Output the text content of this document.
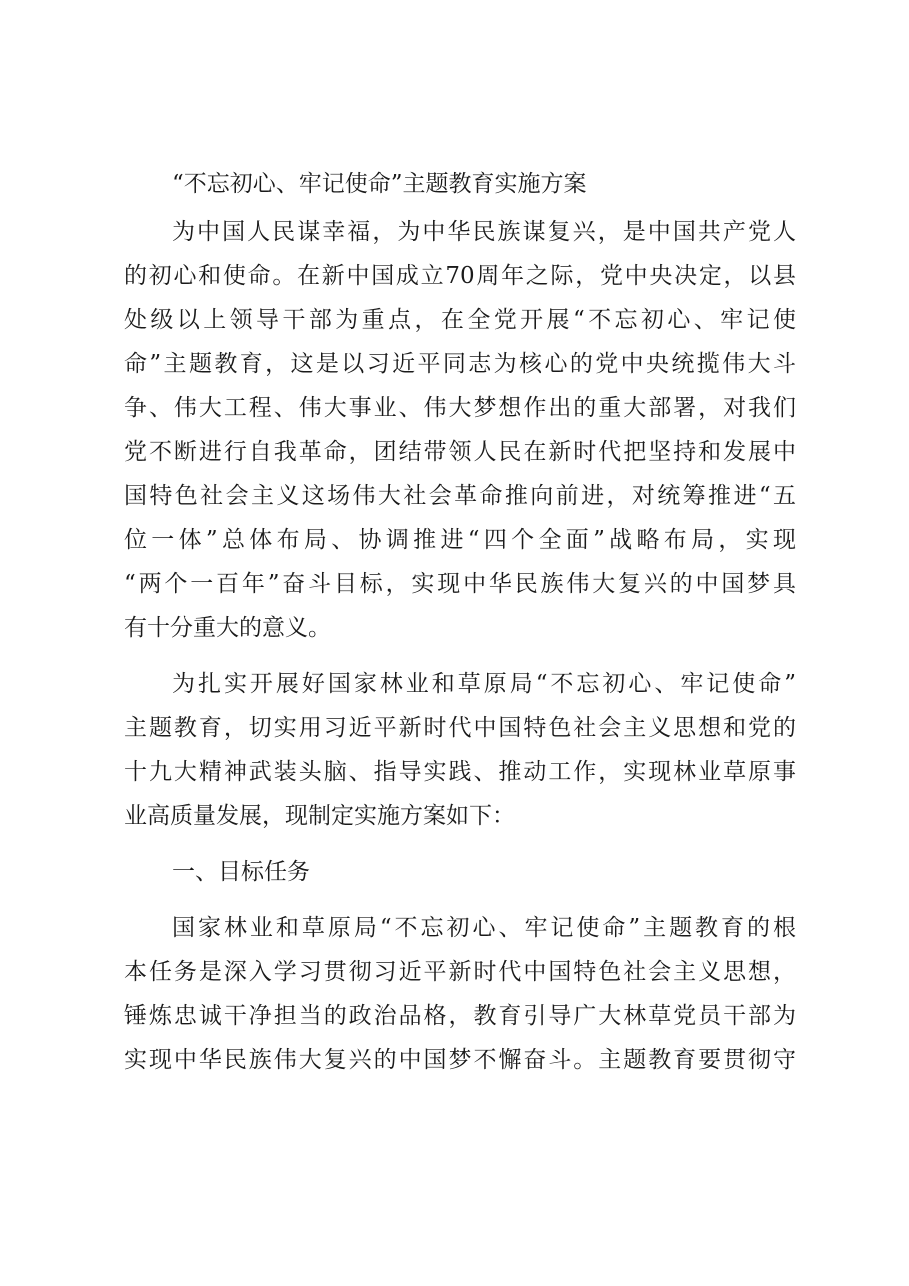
“不忘初心、牢记使命”主题教育实施方案
为中国人民谋幸福，为中华民族谋复兴，是中国共产党人
的初心和使命。在新中国成立70周年之际，党中央决定，以县
处级以上领导干部为重点，在全党开展“不忘初心、牢记使
命”主题教育，这是以习近平同志为核心的党中央统揽伟大斗
争、伟大工程、伟大事业、伟大梦想作出的重大部署，对我们
党不断进行自我革命，团结带领人民在新时代把坚持和发展中
国特色社会主义这场伟大社会革命推向前进，对统筹推进“五
位一体”总体布局、协调推进“四个全面”战略布局，实现
“两个一百年”奋斗目标，实现中华民族伟大复兴的中国梦具
有十分重大的意义。
为扎实开展好国家林业和草原局“不忘初心、牢记使命”
主题教育，切实用习近平新时代中国特色社会主义思想和党的
十九大精神武装头脑、指导实践、推动工作，实现林业草原事
业高质量发展，现制定实施方案如下：
一、目标任务
国家林业和草原局“不忘初心、牢记使命”主题教育的根
本任务是深入学习贯彻习近平新时代中国特色社会主义思想，
锤炼忠诚干净担当的政治品格，教育引导广大林草党员干部为
实现中华民族伟大复兴的中国梦不懈奋斗。主题教育要贯彻守
